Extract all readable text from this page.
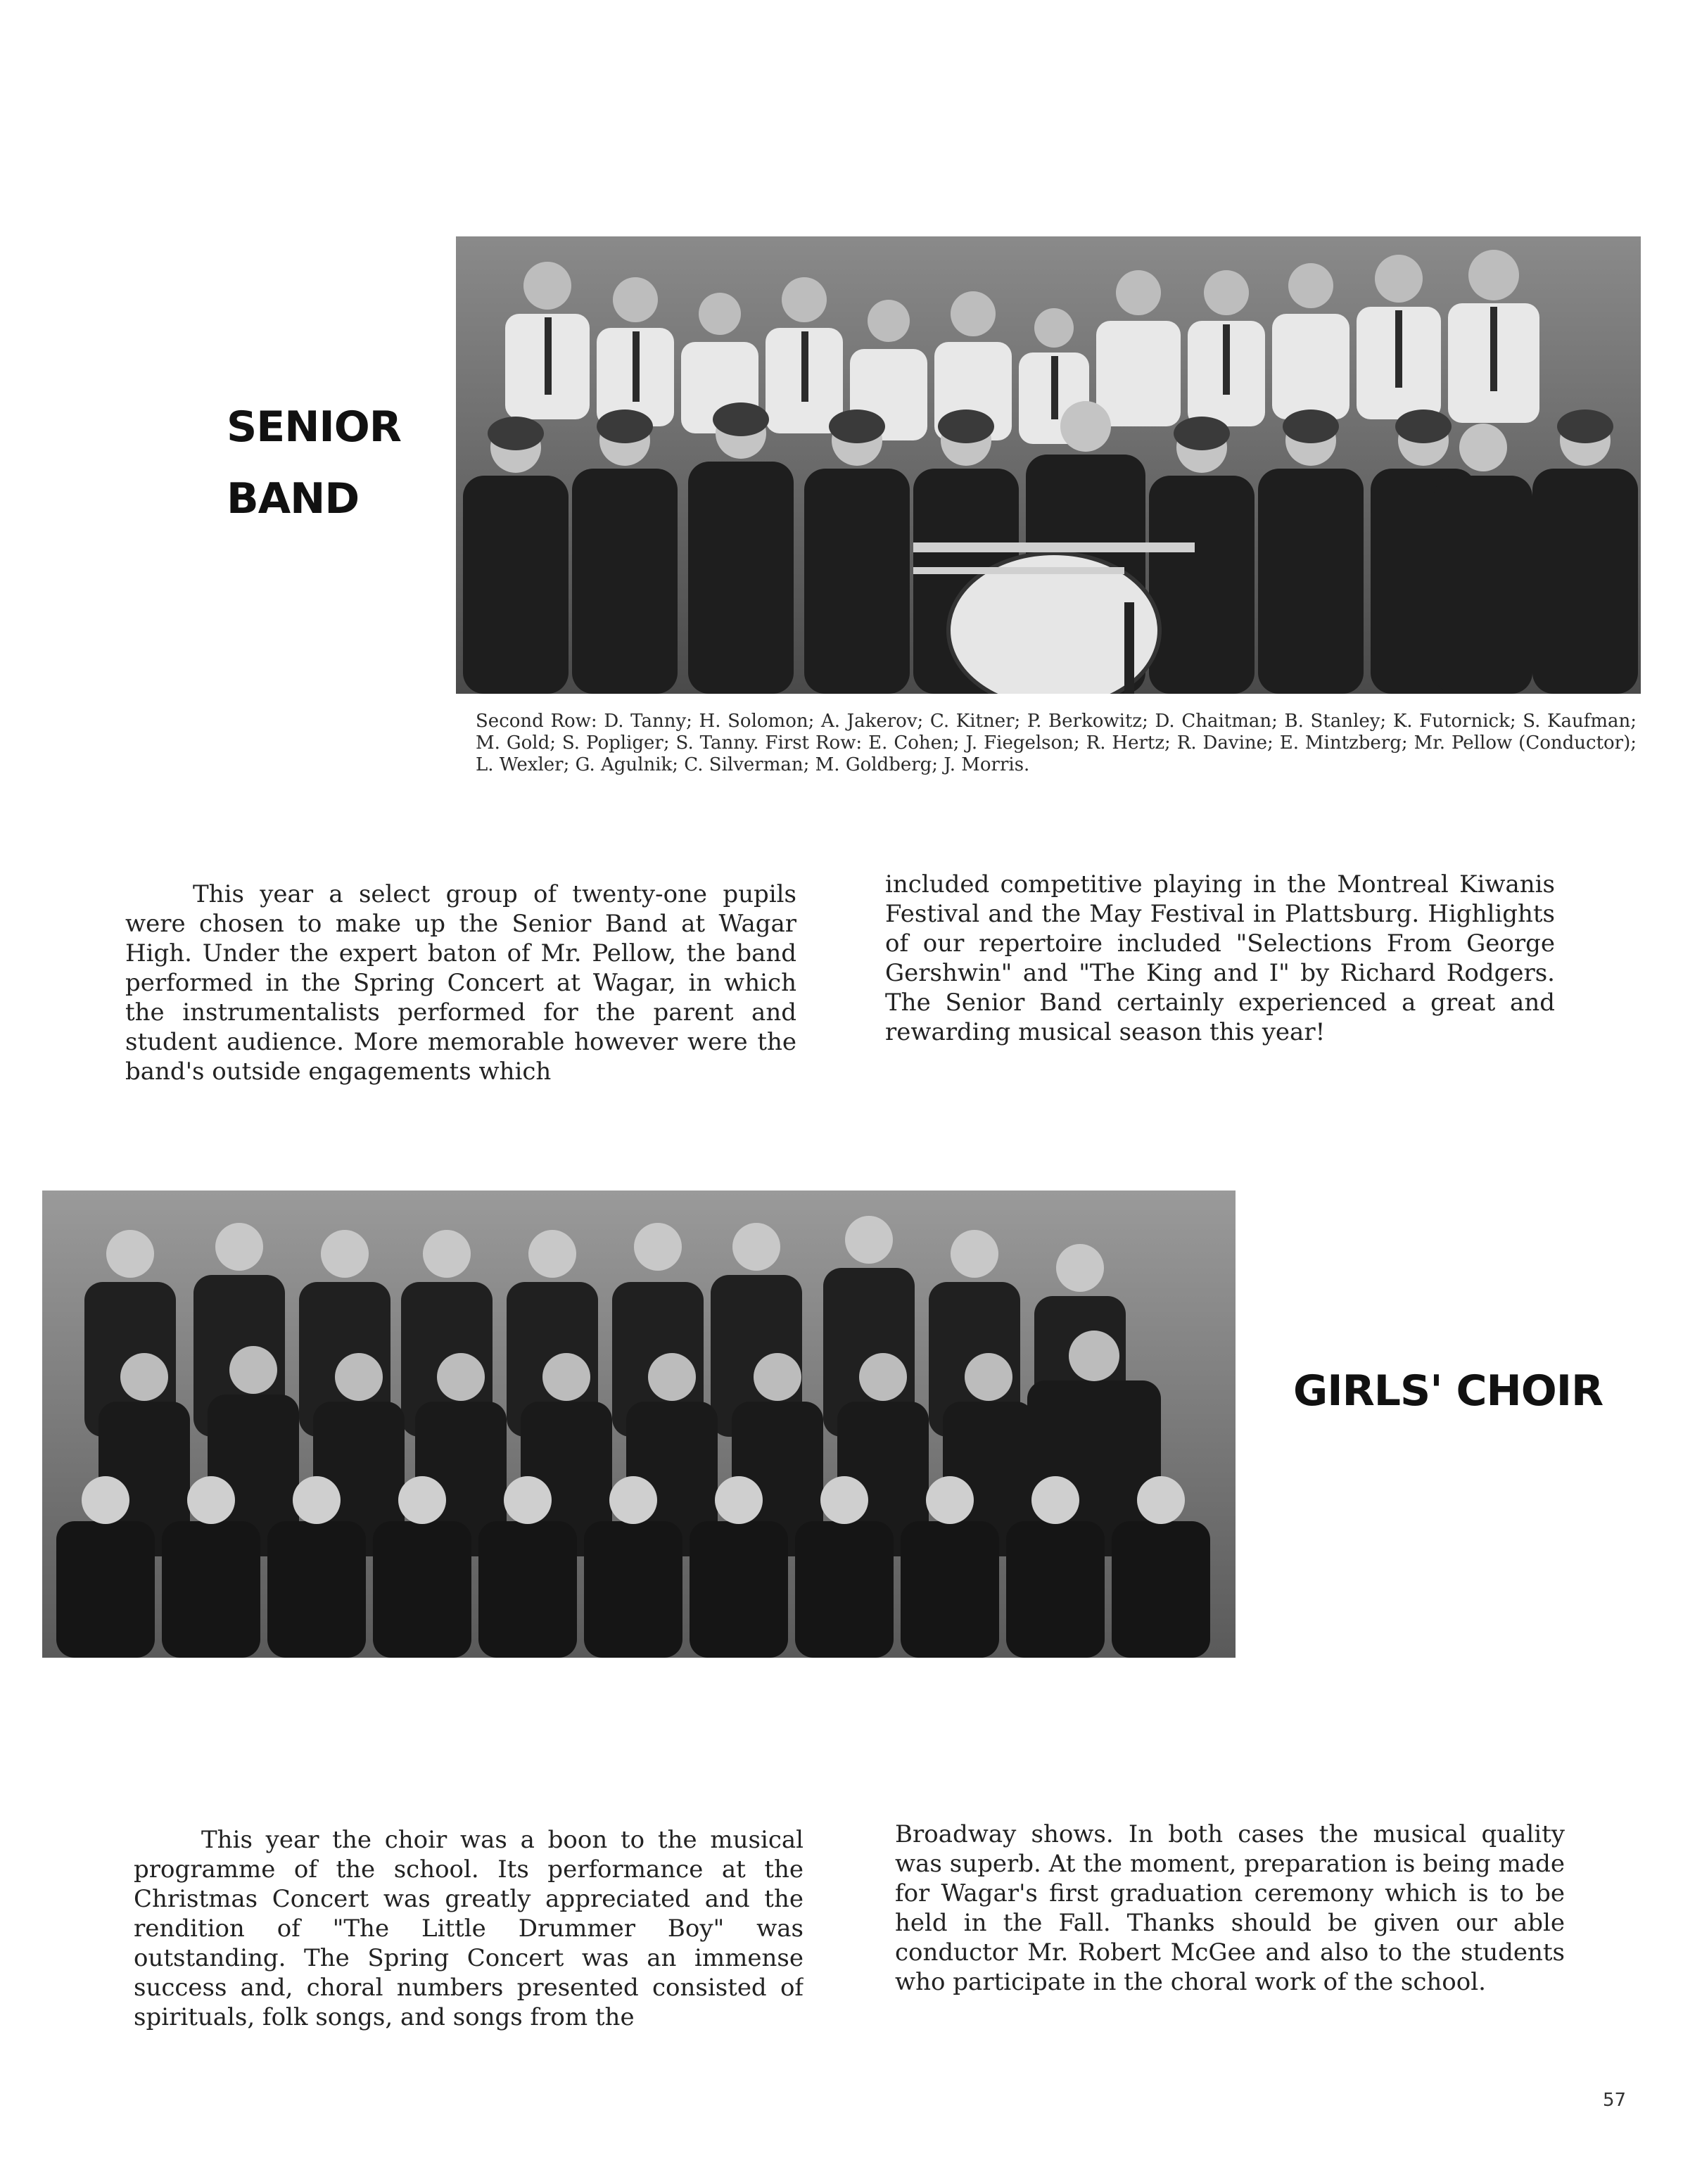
SENIOR
BAND
Second Row: D. Tanny; H. Solomon; A. Jakerov; C. Kitner; P. Berkowitz; D. Chaitman; B. Stanley; K. Futornick; S. Kaufman; M. Gold; S. Popliger; S. Tanny. First Row: E. Cohen; J. Fiegelson; R. Hertz; R. Davine; E. Mintzberg; Mr. Pellow (Conductor); L. Wexler; G. Agulnik; C. Silverman; M. Goldberg; J. Morris.

This year a select group of twenty-one pupils were chosen to make up the Senior Band at Wagar High. Under the expert baton of Mr. Pellow, the band performed in the Spring Concert at Wagar, in which the instrumentalists performed for the parent and student audience. More memorable however were the band's outside engagements which

included competitive playing in the Montreal Kiwanis Festival and the May Festival in Plattsburg. Highlights of our repertoire included "Selections From George Gershwin" and "The King and I" by Richard Rodgers. The Senior Band certainly experienced a great and rewarding musical season this year!

GIRLS' CHOIR

This year the choir was a boon to the musical programme of the school. Its performance at the Christmas Concert was greatly appreciated and the rendition of "The Little Drummer Boy" was outstanding. The Spring Concert was an immense success and, choral numbers presented consisted of spirituals, folk songs, and songs from the

Broadway shows. In both cases the musical quality was superb. At the moment, preparation is being made for Wagar's first graduation ceremony which is to be held in the Fall. Thanks should be given our able conductor Mr. Robert McGee and also to the students who participate in the choral work of the school.

57
